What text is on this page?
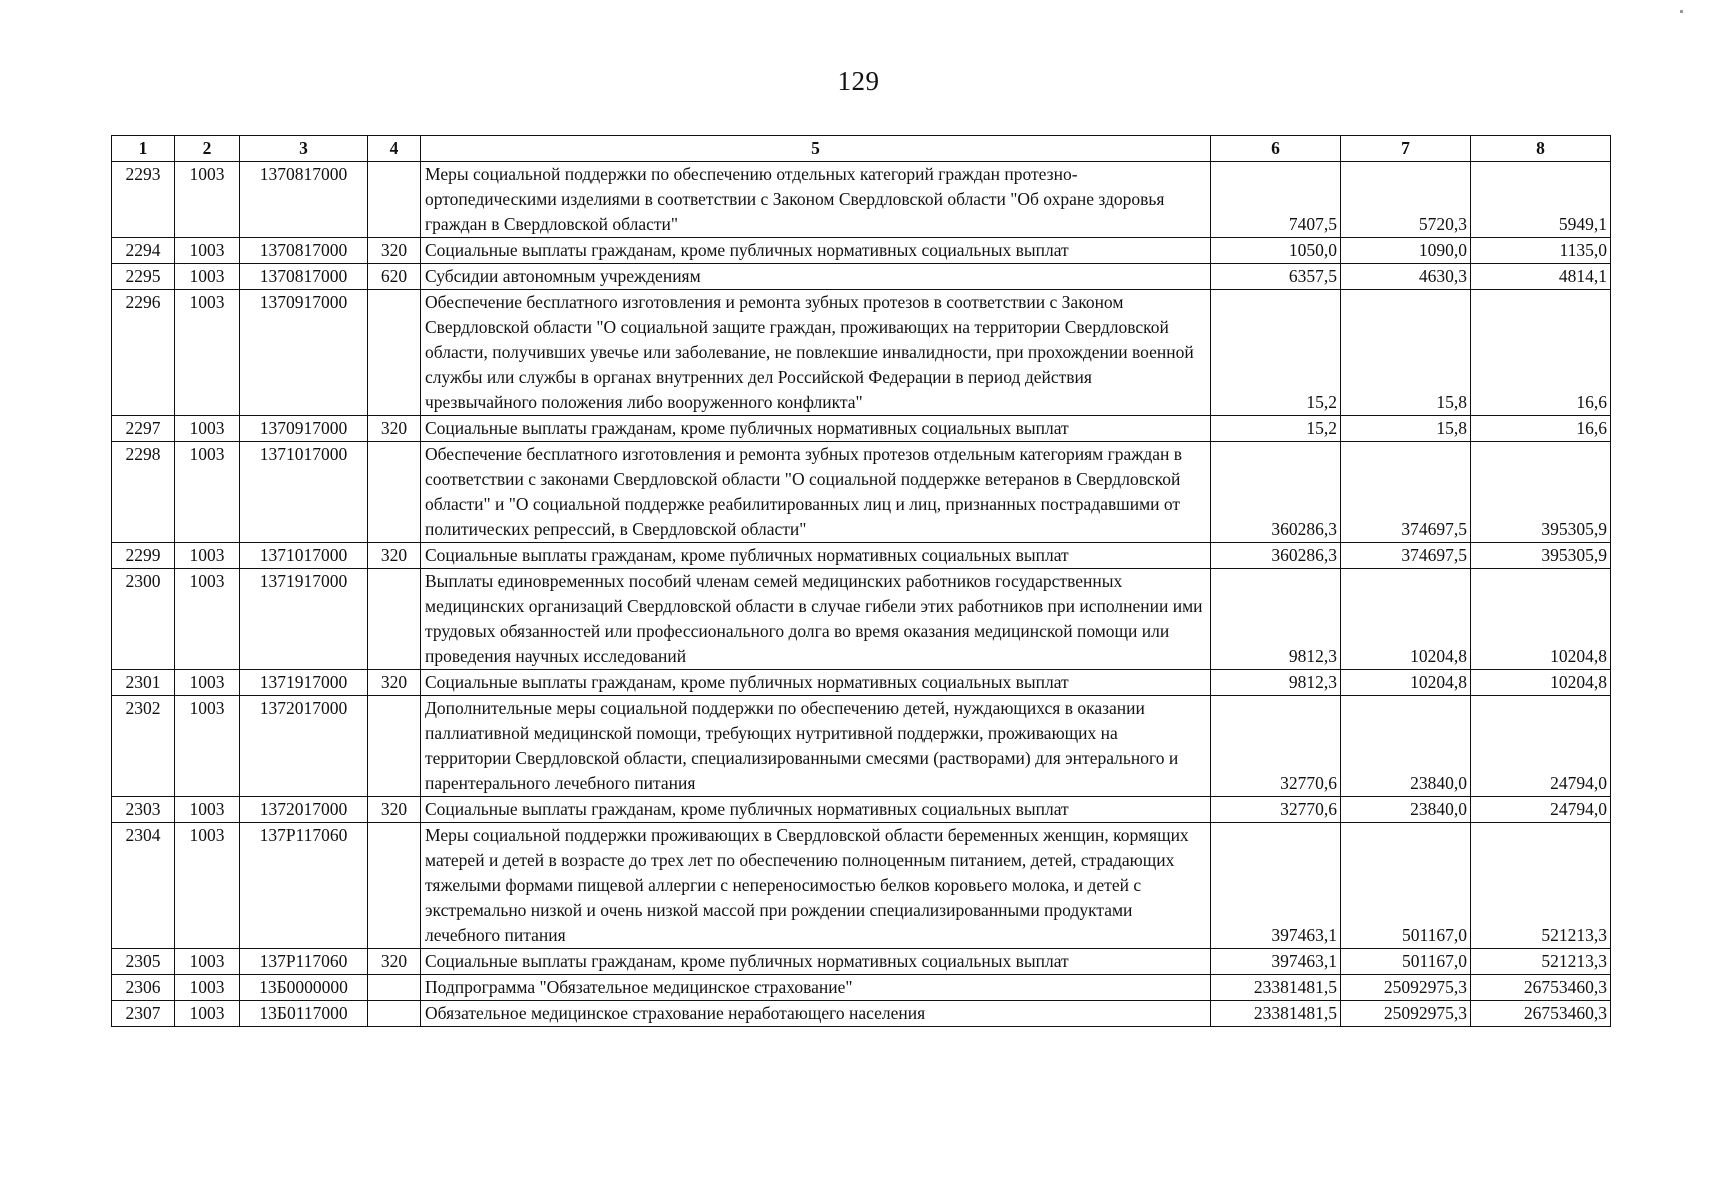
129
1	2	3	4	5	6	7	8
2293	1003	1370817000		Меры социальной поддержки по обеспечению отдельных категорий граждан протезно-ортопедическими изделиями в соответствии с Законом Свердловской области "Об охране здоровья граждан в Свердловской области"	7407,5	5720,3	5949,1
2294	1003	1370817000	320	Социальные выплаты гражданам, кроме публичных нормативных социальных выплат	1050,0	1090,0	1135,0
2295	1003	1370817000	620	Субсидии автономным учреждениям	6357,5	4630,3	4814,1
2296	1003	1370917000		Обеспечение бесплатного изготовления и ремонта зубных протезов в соответствии с Законом Свердловской области "О социальной защите граждан, проживающих на территории Свердловской области, получивших увечье или заболевание, не повлекшие инвалидности, при прохождении военной службы или службы в органах внутренних дел Российской Федерации в период действия чрезвычайного положения либо вооруженного конфликта"	15,2	15,8	16,6
2297	1003	1370917000	320	Социальные выплаты гражданам, кроме публичных нормативных социальных выплат	15,2	15,8	16,6
2298	1003	1371017000		Обеспечение бесплатного изготовления и ремонта зубных протезов отдельным категориям граждан в соответствии с законами Свердловской области "О социальной поддержке ветеранов в Свердловской области" и "О социальной поддержке реабилитированных лиц и лиц, признанных пострадавшими от политических репрессий, в Свердловской области"	360286,3	374697,5	395305,9
2299	1003	1371017000	320	Социальные выплаты гражданам, кроме публичных нормативных социальных выплат	360286,3	374697,5	395305,9
2300	1003	1371917000		Выплаты единовременных пособий членам семей медицинских работников государственных медицинских организаций Свердловской области в случае гибели этих работников при исполнении ими трудовых обязанностей или профессионального долга во время оказания медицинской помощи или проведения научных исследований	9812,3	10204,8	10204,8
2301	1003	1371917000	320	Социальные выплаты гражданам, кроме публичных нормативных социальных выплат	9812,3	10204,8	10204,8
2302	1003	1372017000		Дополнительные меры социальной поддержки по обеспечению детей, нуждающихся в оказании паллиативной медицинской помощи, требующих нутритивной поддержки, проживающих на территории Свердловской области, специализированными смесями (растворами) для энтерального и парентерального лечебного питания	32770,6	23840,0	24794,0
2303	1003	1372017000	320	Социальные выплаты гражданам, кроме публичных нормативных социальных выплат	32770,6	23840,0	24794,0
2304	1003	137P117060		Меры социальной поддержки проживающих в Свердловской области беременных женщин, кормящих матерей и детей в возрасте до трех лет по обеспечению полноценным питанием, детей, страдающих тяжелыми формами пищевой аллергии с непереносимостью белков коровьего молока, и детей с экстремально низкой и очень низкой массой при рождении специализированными продуктами лечебного питания	397463,1	501167,0	521213,3
2305	1003	137P117060	320	Социальные выплаты гражданам, кроме публичных нормативных социальных выплат	397463,1	501167,0	521213,3
2306	1003	13Б0000000		Подпрограмма "Обязательное медицинское страхование"	23381481,5	25092975,3	26753460,3
2307	1003	13Б0117000		Обязательное медицинское страхование неработающего населения	23381481,5	25092975,3	26753460,3
